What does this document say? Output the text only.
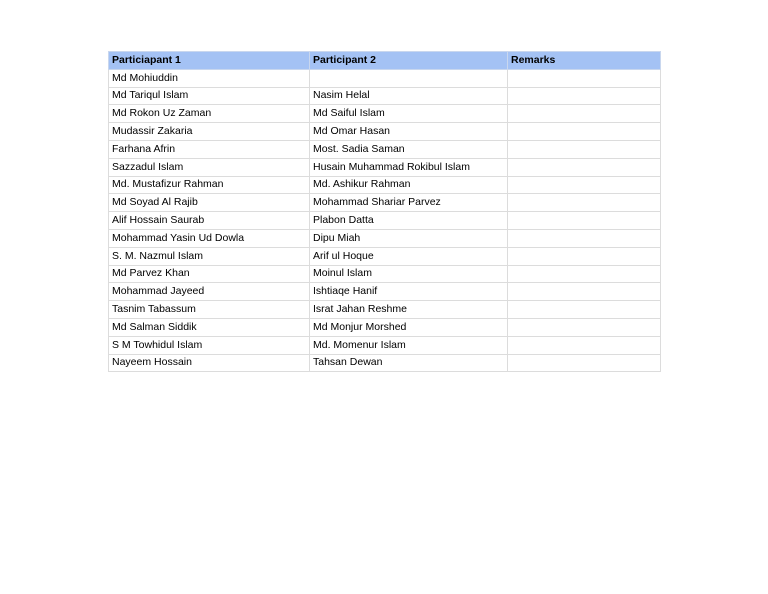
Particiapant 1	Participant 2	Remarks
Md Mohiuddin		
Md Tariqul Islam	Nasim Helal	
Md Rokon Uz Zaman	Md Saiful Islam	
Mudassir Zakaria	Md Omar Hasan	
Farhana Afrin	Most. Sadia Saman	
Sazzadul Islam	Husain Muhammad Rokibul Islam	
Md. Mustafizur Rahman	Md. Ashikur Rahman	
Md Soyad Al Rajib	Mohammad Shariar Parvez	
Alif Hossain Saurab	Plabon Datta	
Mohammad Yasin Ud Dowla	Dipu Miah	
S. M. Nazmul Islam	Arif ul Hoque	
Md Parvez Khan	Moinul Islam	
Mohammad Jayeed	Ishtiaqe Hanif	
Tasnim Tabassum	Israt Jahan Reshme	
Md Salman Siddik	Md Monjur Morshed	
S M Towhidul Islam	Md. Momenur Islam	
Nayeem Hossain	Tahsan Dewan	
